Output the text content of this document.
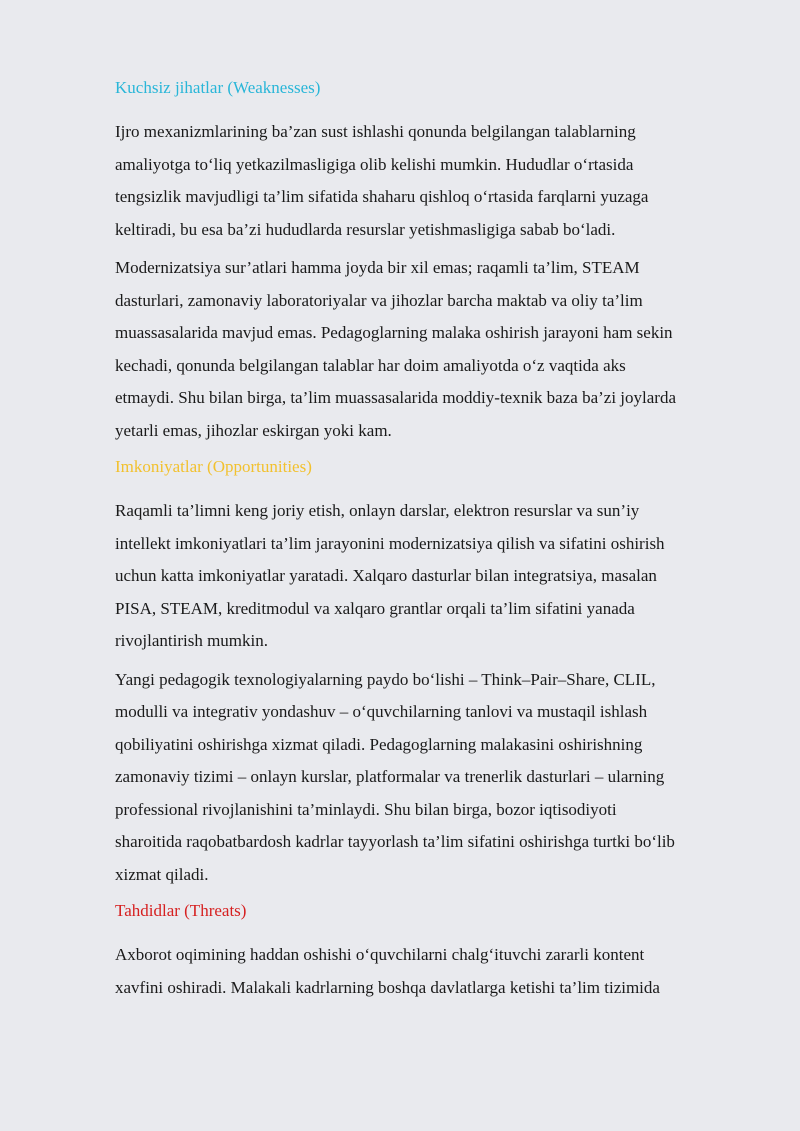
Kuchsiz jihatlar (Weaknesses)

Ijro mexanizmlarining ba’zan sust ishlashi qonunda belgilangan talablarning
amaliyotga to‘liq yetkazilmasligiga olib kelishi mumkin. Hududlar o‘rtasida
tengsizlik mavjudligi ta’lim sifatida shaharu qishloq o‘rtasida farqlarni yuzaga
keltiradi, bu esa ba’zi hududlarda resurslar yetishmasligiga sabab bo‘ladi.

Modernizatsiya sur’atlari hamma joyda bir xil emas; raqamli ta’lim, STEAM
dasturlari, zamonaviy laboratoriyalar va jihozlar barcha maktab va oliy ta’lim
muassasalarida mavjud emas. Pedagoglarning malaka oshirish jarayoni ham sekin
kechadi, qonunda belgilangan talablar har doim amaliyotda o‘z vaqtida aks
etmaydi. Shu bilan birga, ta’lim muassasalarida moddiy-texnik baza ba’zi joylarda
yetarli emas, jihozlar eskirgan yoki kam.

Imkoniyatlar (Opportunities)

Raqamli ta’limni keng joriy etish, onlayn darslar, elektron resurslar va sun’iy
intellekt imkoniyatlari ta’lim jarayonini modernizatsiya qilish va sifatini oshirish
uchun katta imkoniyatlar yaratadi. Xalqaro dasturlar bilan integratsiya, masalan
PISA, STEAM, kreditmodul va xalqaro grantlar orqali ta’lim sifatini yanada
rivojlantirish mumkin.

Yangi pedagogik texnologiyalarning paydo bo‘lishi – Think–Pair–Share, CLIL,
modulli va integrativ yondashuv – o‘quvchilarning tanlovi va mustaqil ishlash
qobiliyatini oshirishga xizmat qiladi. Pedagoglarning malakasini oshirishning
zamonaviy tizimi – onlayn kurslar, platformalar va trenerlik dasturlari – ularning
professional rivojlanishini ta’minlaydi. Shu bilan birga, bozor iqtisodiyoti
sharoitida raqobatbardosh kadrlar tayyorlash ta’lim sifatini oshirishga turtki bo‘lib
xizmat qiladi.

Tahdidlar (Threats)

Axborot oqimining haddan oshishi o‘quvchilarni chalg‘ituvchi zararli kontent
xavfini oshiradi. Malakali kadrlarning boshqa davlatlarga ketishi ta’lim tizimida
